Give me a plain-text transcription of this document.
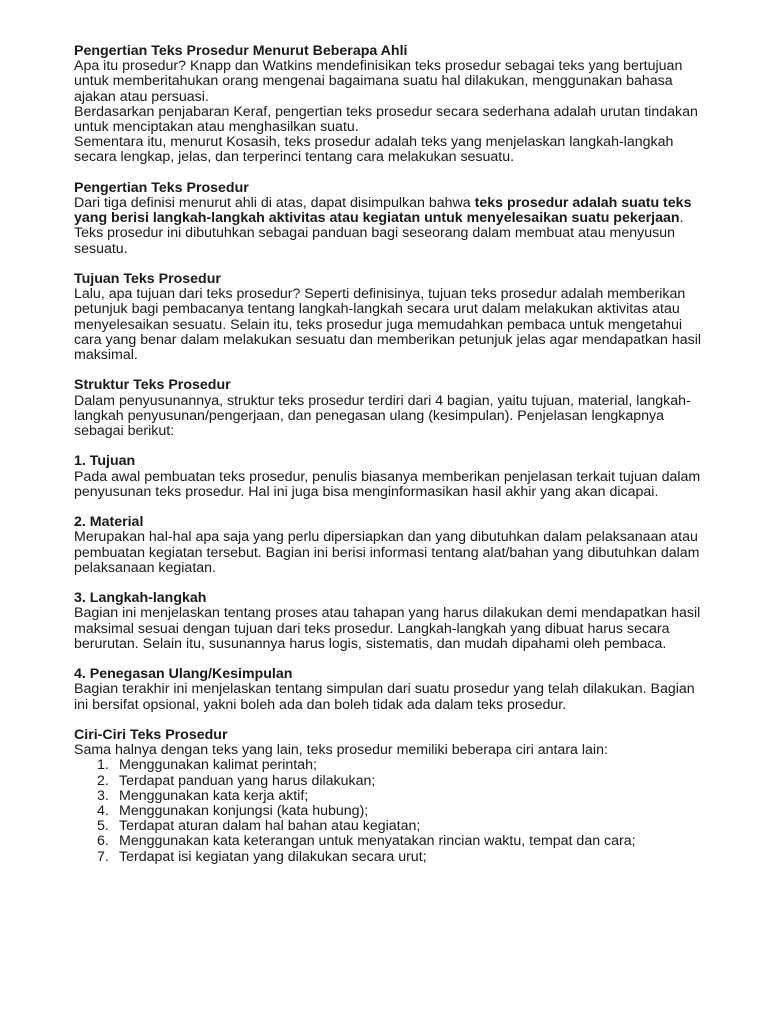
Pengertian Teks Prosedur Menurut Beberapa Ahli
Apa itu prosedur? Knapp dan Watkins mendefinisikan teks prosedur sebagai teks yang bertujuan untuk memberitahukan orang mengenai bagaimana suatu hal dilakukan, menggunakan bahasa ajakan atau persuasi.
Berdasarkan penjabaran Keraf, pengertian teks prosedur secara sederhana adalah urutan tindakan untuk menciptakan atau menghasilkan suatu.
Sementara itu, menurut Kosasih, teks prosedur adalah teks yang menjelaskan langkah-langkah secara lengkap, jelas, dan terperinci tentang cara melakukan sesuatu.
Pengertian Teks Prosedur
Dari tiga definisi menurut ahli di atas, dapat disimpulkan bahwa teks prosedur adalah suatu teks yang berisi langkah-langkah aktivitas atau kegiatan untuk menyelesaikan suatu pekerjaan. Teks prosedur ini dibutuhkan sebagai panduan bagi seseorang dalam membuat atau menyusun sesuatu.
Tujuan Teks Prosedur
Lalu, apa tujuan dari teks prosedur? Seperti definisinya, tujuan teks prosedur adalah memberikan petunjuk bagi pembacanya tentang langkah-langkah secara urut dalam melakukan aktivitas atau menyelesaikan sesuatu. Selain itu, teks prosedur juga memudahkan pembaca untuk mengetahui cara yang benar dalam melakukan sesuatu dan memberikan petunjuk jelas agar mendapatkan hasil maksimal.
Struktur Teks Prosedur
Dalam penyusunannya, struktur teks prosedur terdiri dari 4 bagian, yaitu tujuan, material, langkah-langkah penyusunan/pengerjaan, dan penegasan ulang (kesimpulan). Penjelasan lengkapnya sebagai berikut:
1. Tujuan
Pada awal pembuatan teks prosedur, penulis biasanya memberikan penjelasan terkait tujuan dalam penyusunan teks prosedur. Hal ini juga bisa menginformasikan hasil akhir yang akan dicapai.
2. Material
Merupakan hal-hal apa saja yang perlu dipersiapkan dan yang dibutuhkan dalam pelaksanaan atau pembuatan kegiatan tersebut. Bagian ini berisi informasi tentang alat/bahan yang dibutuhkan dalam pelaksanaan kegiatan.
3. Langkah-langkah
Bagian ini menjelaskan tentang proses atau tahapan yang harus dilakukan demi mendapatkan hasil maksimal sesuai dengan tujuan dari teks prosedur. Langkah-langkah yang dibuat harus secara berurutan. Selain itu, susunannya harus logis, sistematis, dan mudah dipahami oleh pembaca.
4. Penegasan Ulang/Kesimpulan
Bagian terakhir ini menjelaskan tentang simpulan dari suatu prosedur yang telah dilakukan. Bagian ini bersifat opsional, yakni boleh ada dan boleh tidak ada dalam teks prosedur.
Ciri-Ciri Teks Prosedur
Sama halnya dengan teks yang lain, teks prosedur memiliki beberapa ciri antara lain:
1. Menggunakan kalimat perintah;
2. Terdapat panduan yang harus dilakukan;
3. Menggunakan kata kerja aktif;
4. Menggunakan konjungsi (kata hubung);
5. Terdapat aturan dalam hal bahan atau kegiatan;
6. Menggunakan kata keterangan untuk menyatakan rincian waktu, tempat dan cara;
7. Terdapat isi kegiatan yang dilakukan secara urut;
